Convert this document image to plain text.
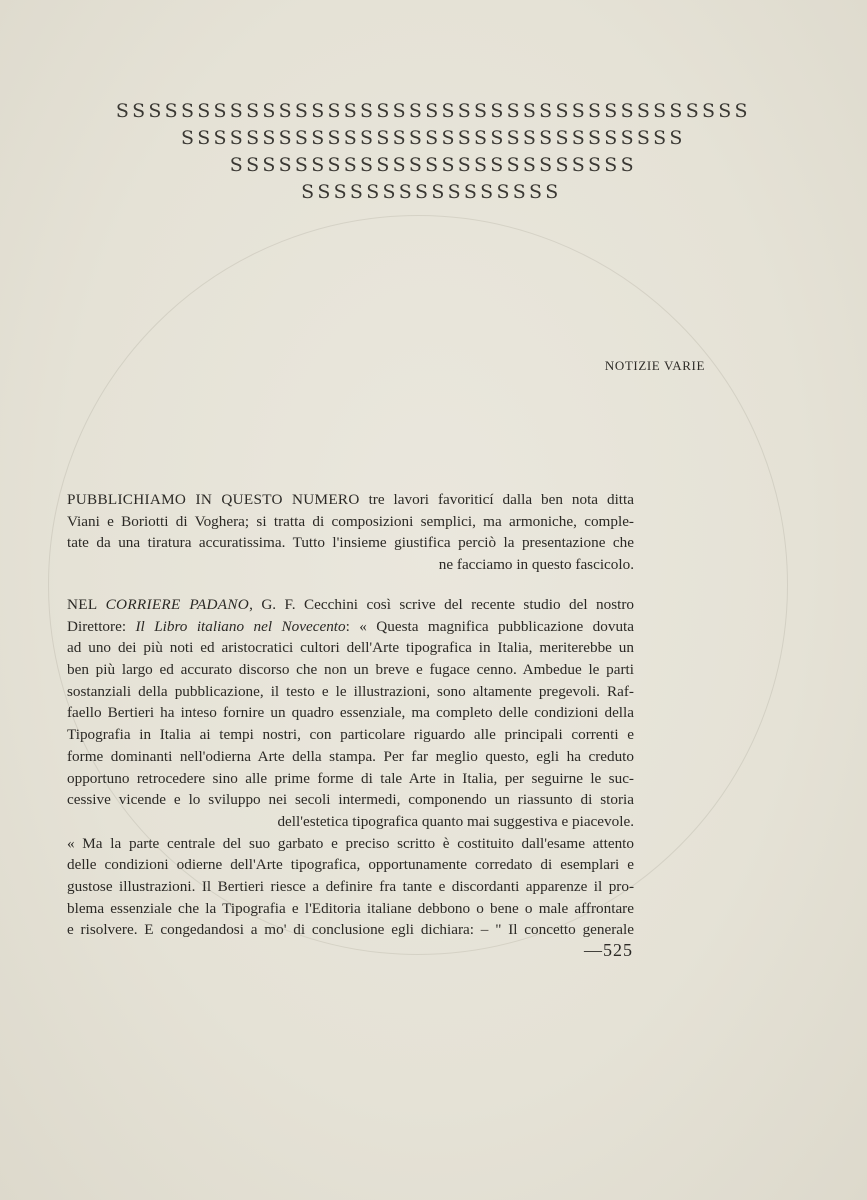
SSSSSSSSSSSSSSSSSSSSSSSSSSSSSSSSSSSSSSS
SSSSSSSSSSSSSSSSSSSSSSSSSSSSSSS
SSSSSSSSSSSSSSSSSSSSSSSSS
SSSSSSSSSSSSSSSS
NOTIZIE VARIE
PUBBLICHIAMO IN QUESTO NUMERO tre lavori favoriticí dalla ben nota ditta
Viani e Boriotti di Voghera; si tratta di composizioni semplici, ma armoniche, comple-
tate da una tiratura accuratissima. Tutto l'insieme giustifica perciò la presentazione che
ne facciamo in questo fascicolo.
NEL CORRIERE PADANO, G. F. Cecchini così scrive del recente studio del nostro
Direttore: Il Libro italiano nel Novecento: « Questa magnifica pubblicazione dovuta
ad uno dei più noti ed aristocratici cultori dell'Arte tipografica in Italia, meriterebbe un
ben più largo ed accurato discorso che non un breve e fugace cenno. Ambedue le parti
sostanziali della pubblicazione, il testo e le illustrazioni, sono altamente pregevoli. Raf-
faello Bertieri ha inteso fornire un quadro essenziale, ma completo delle condizioni della
Tipografia in Italia ai tempi nostri, con particolare riguardo alle principali correnti e
forme dominanti nell'odierna Arte della stampa. Per far meglio questo, egli ha creduto
opportuno retrocedere sino alle prime forme di tale Arte in Italia, per seguirne le suc-
cessive vicende e lo sviluppo nei secoli intermedi, componendo un riassunto di storia
dell'estetica tipografica quanto mai suggestiva e piacevole.
« Ma la parte centrale del suo garbato e preciso scritto è costituito dall'esame attento
delle condizioni odierne dell'Arte tipografica, opportunamente corredato di esemplari e
gustose illustrazioni. Il Bertieri riesce a definire fra tante e discordanti apparenze il pro-
blema essenziale che la Tipografia e l'Editoria italiane debbono o bene o male affrontare
e risolvere. E congedandosi a mo' di conclusione egli dichiara: – " Il concetto generale
—525
